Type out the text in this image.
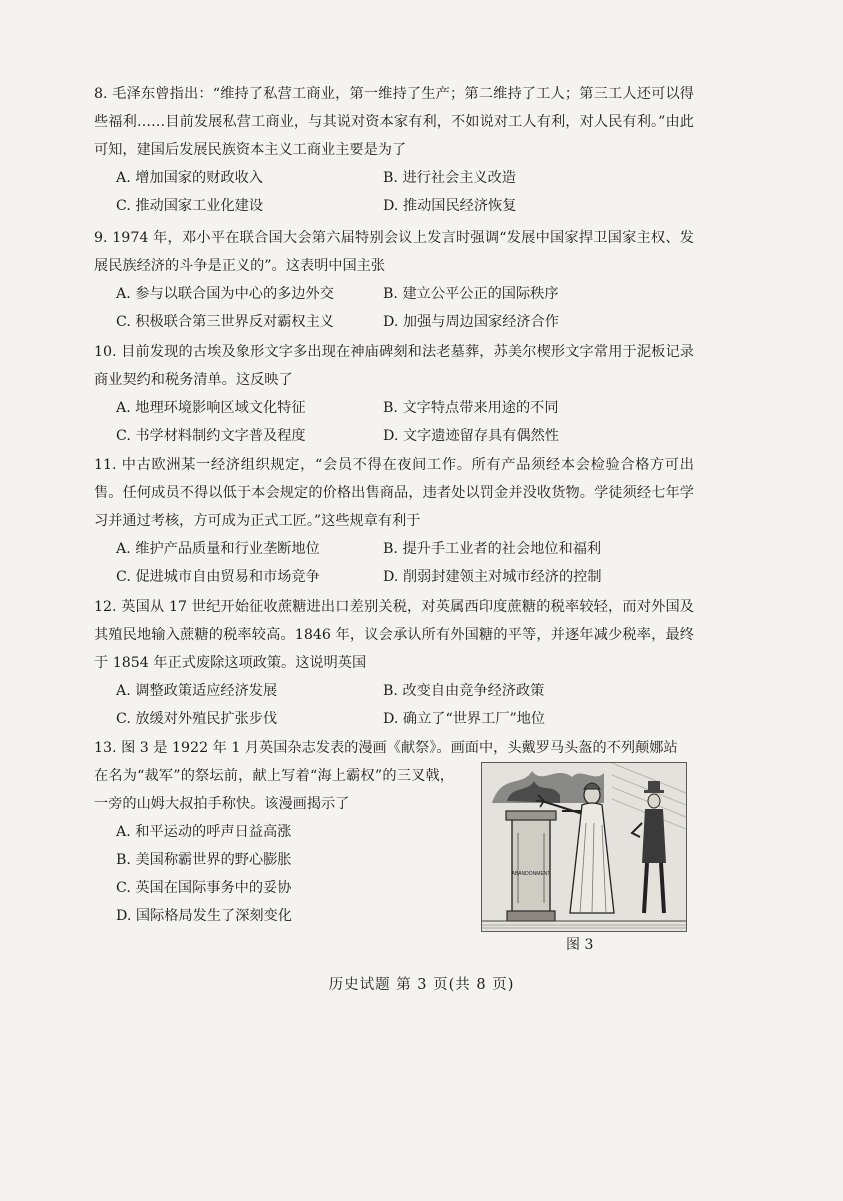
8. 毛泽东曾指出：“维持了私营工商业，第一维持了生产；第二维持了工人；第三工人还可以得些福利……目前发展私营工商业，与其说对资本家有利，不如说对工人有利，对人民有利。”由此可知，建国后发展民族资本主义工商业主要是为了

A. 增加国家的财政收入	B. 进行社会主义改造
C. 推动国家工业化建设	D. 推动国民经济恢复

9. 1974 年，邓小平在联合国大会第六届特别会议上发言时强调“发展中国家捍卫国家主权、发展民族经济的斗争是正义的”。这表明中国主张

A. 参与以联合国为中心的多边外交	B. 建立公平公正的国际秩序
C. 积极联合第三世界反对霸权主义	D. 加强与周边国家经济合作

10. 目前发现的古埃及象形文字多出现在神庙碑刻和法老墓葬，苏美尔楔形文字常用于泥板记录商业契约和税务清单。这反映了

A. 地理环境影响区域文化特征	B. 文字特点带来用途的不同
C. 书学材料制约文字普及程度	D. 文字遗迹留存具有偶然性

11. 中古欧洲某一经济组织规定，“会员不得在夜间工作。所有产品须经本会检验合格方可出售。任何成员不得以低于本会规定的价格出售商品，违者处以罚金并没收货物。学徒须经七年学习并通过考核，方可成为正式工匠。”这些规章有利于

A. 维护产品质量和行业垄断地位	B. 提升手工业者的社会地位和福利
C. 促进城市自由贸易和市场竞争	D. 削弱封建领主对城市经济的控制

12. 英国从 17 世纪开始征收蔗糖进出口差别关税，对英属西印度蔗糖的税率较轻，而对外国及其殖民地输入蔗糖的税率较高。1846 年，议会承认所有外国糖的平等，并逐年减少税率，最终于 1854 年正式废除这项政策。这说明英国

A. 调整政策适应经济发展	B. 改变自由竞争经济政策
C. 放缓对外殖民扩张步伐	D. 确立了“世界工厂”地位

13. 图 3 是 1922 年 1 月英国杂志发表的漫画《献祭》。画面中，头戴罗马头盔的不列颠娜站

在名为“裁军”的祭坛前，献上写着“海上霸权”的三叉戟，一旁的山姆大叔拍手称快。该漫画揭示了

A. 和平运动的呼声日益高涨
B. 美国称霸世界的野心膨胀
C. 英国在国际事务中的妥协
D. 国际格局发生了深刻变化
ABANDONMENT
图 3
历史试题 第 3 页(共 8 页)
